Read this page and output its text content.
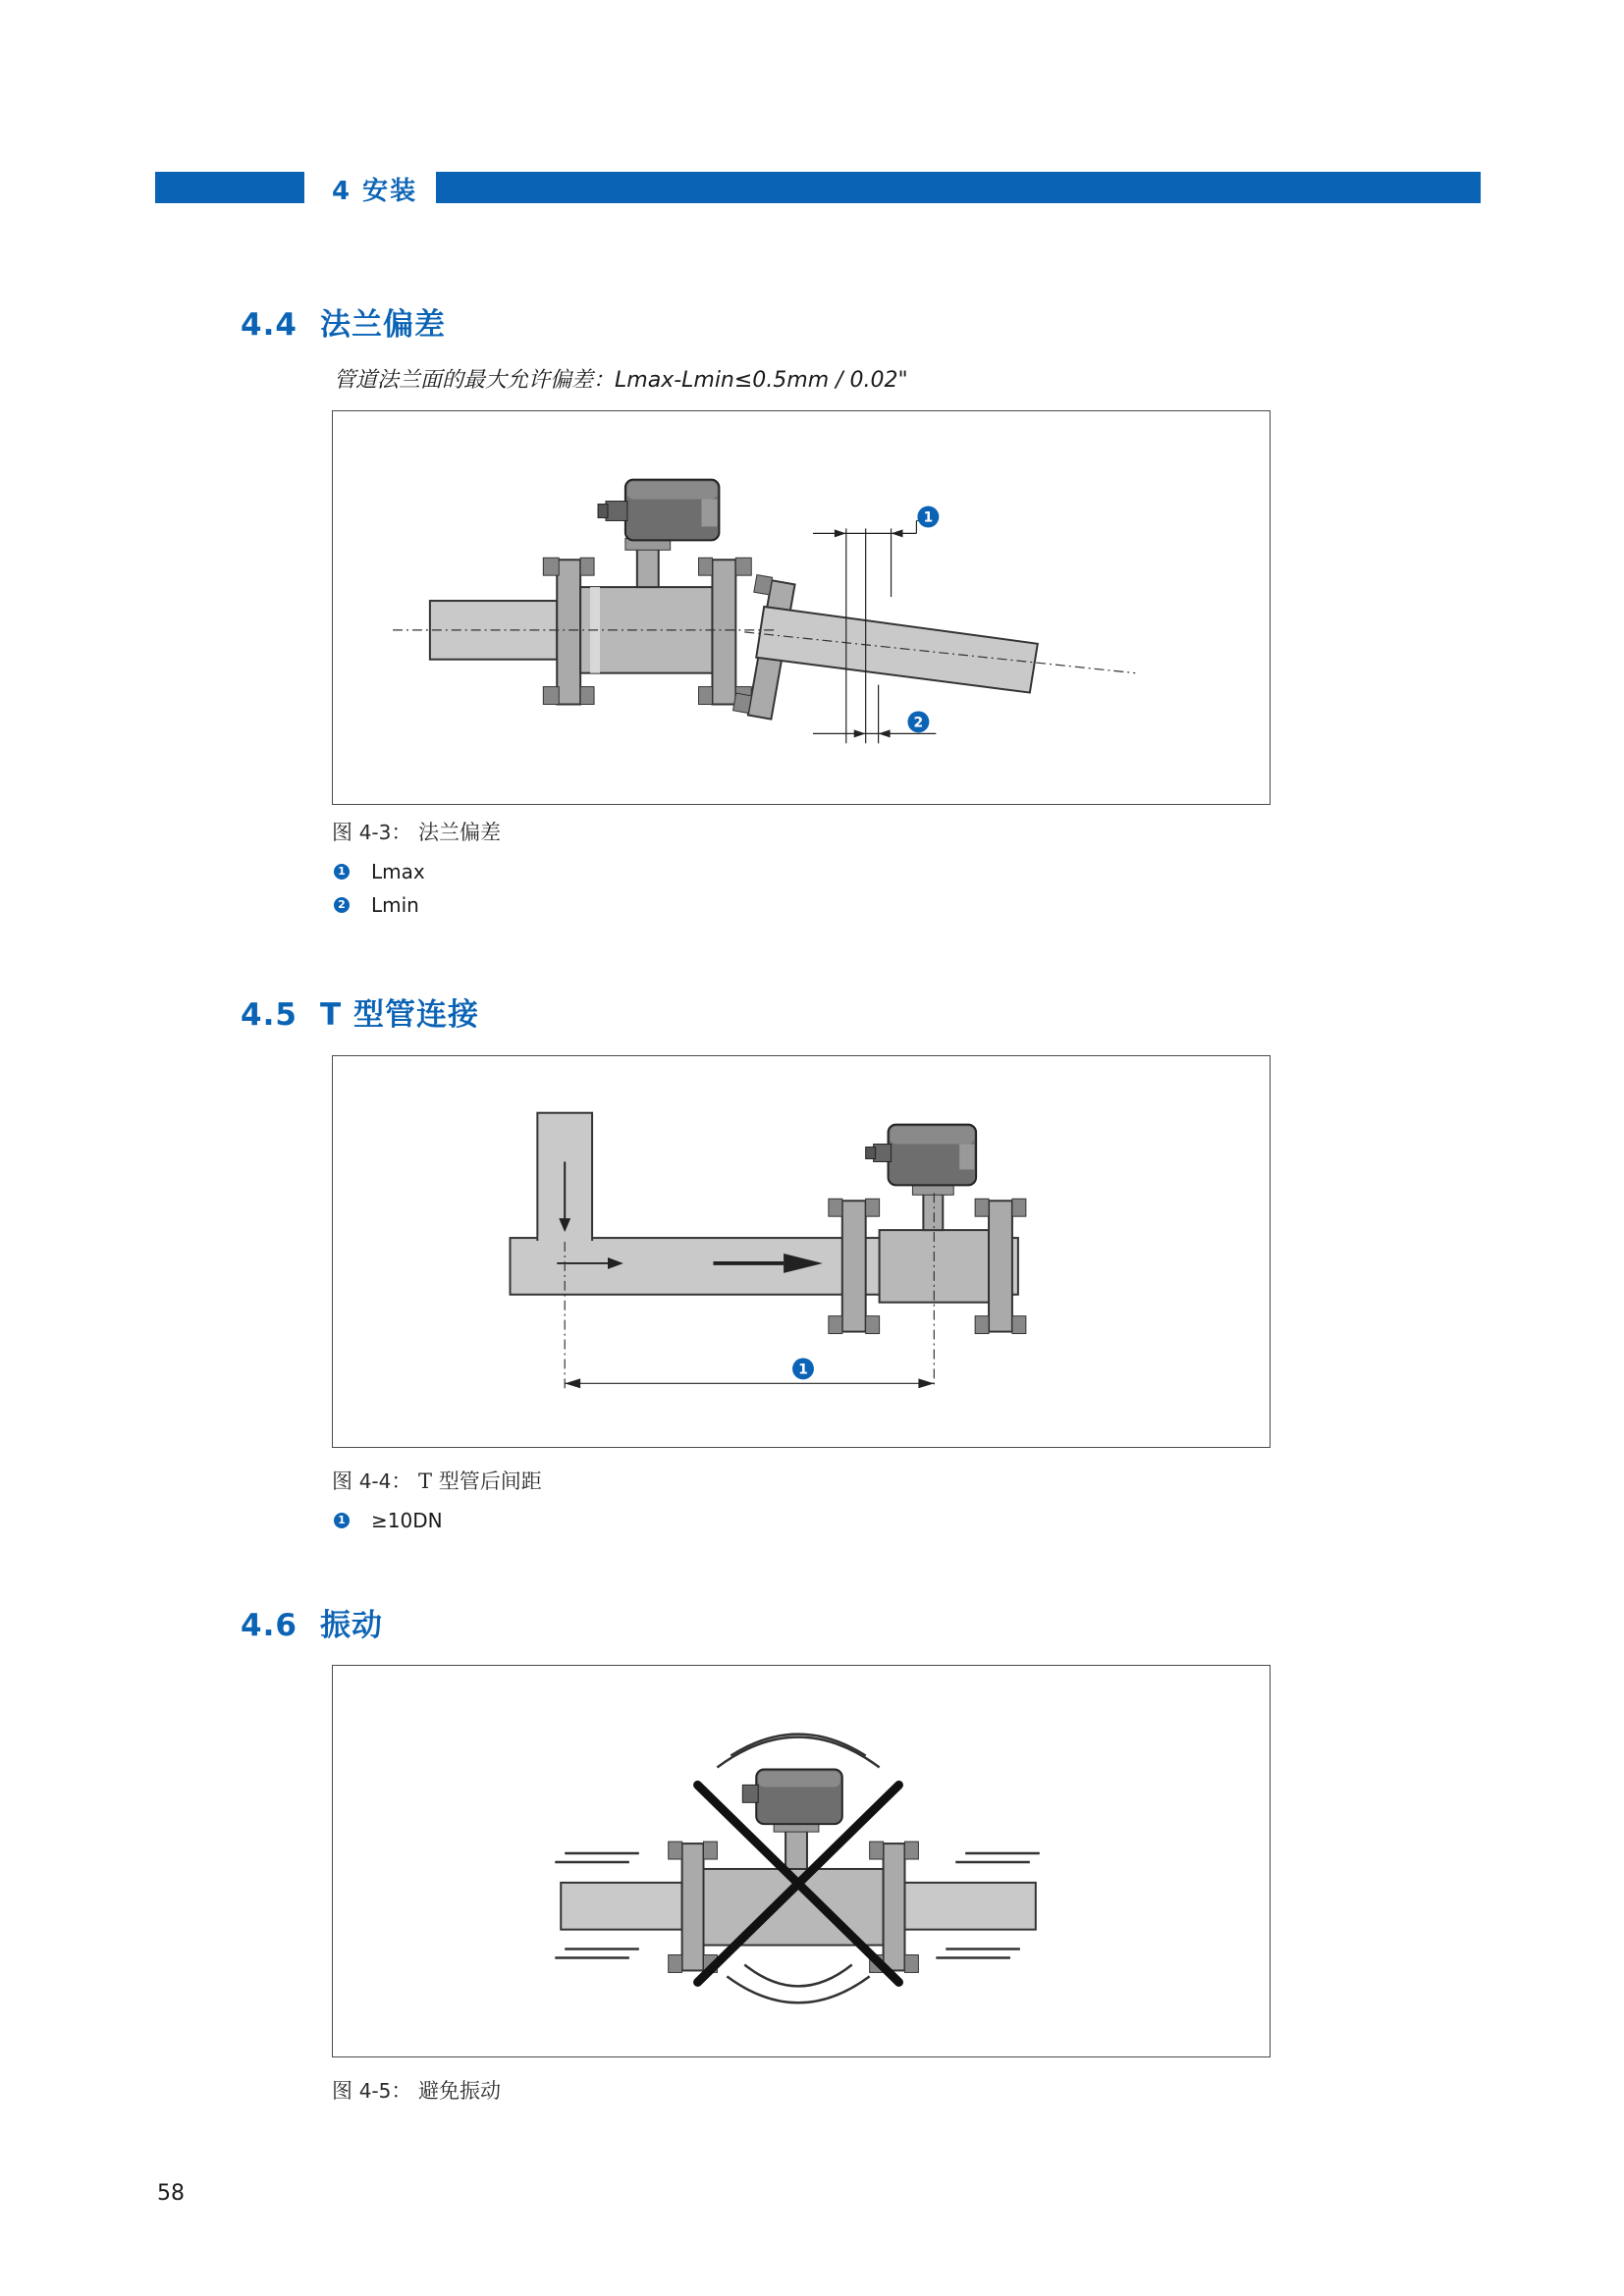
4 安装
4.4 法兰偏差
管道法兰面的最大允许偏差：Lmax-Lmin≤0.5mm / 0.02"
1
2
图 4-3： 法兰偏差
1 Lmax
2 Lmin
4.5 T 型管连接
1
图 4-4： T 型管后间距
1 ≥10DN
4.6 振动
图 4-5： 避免振动
58
